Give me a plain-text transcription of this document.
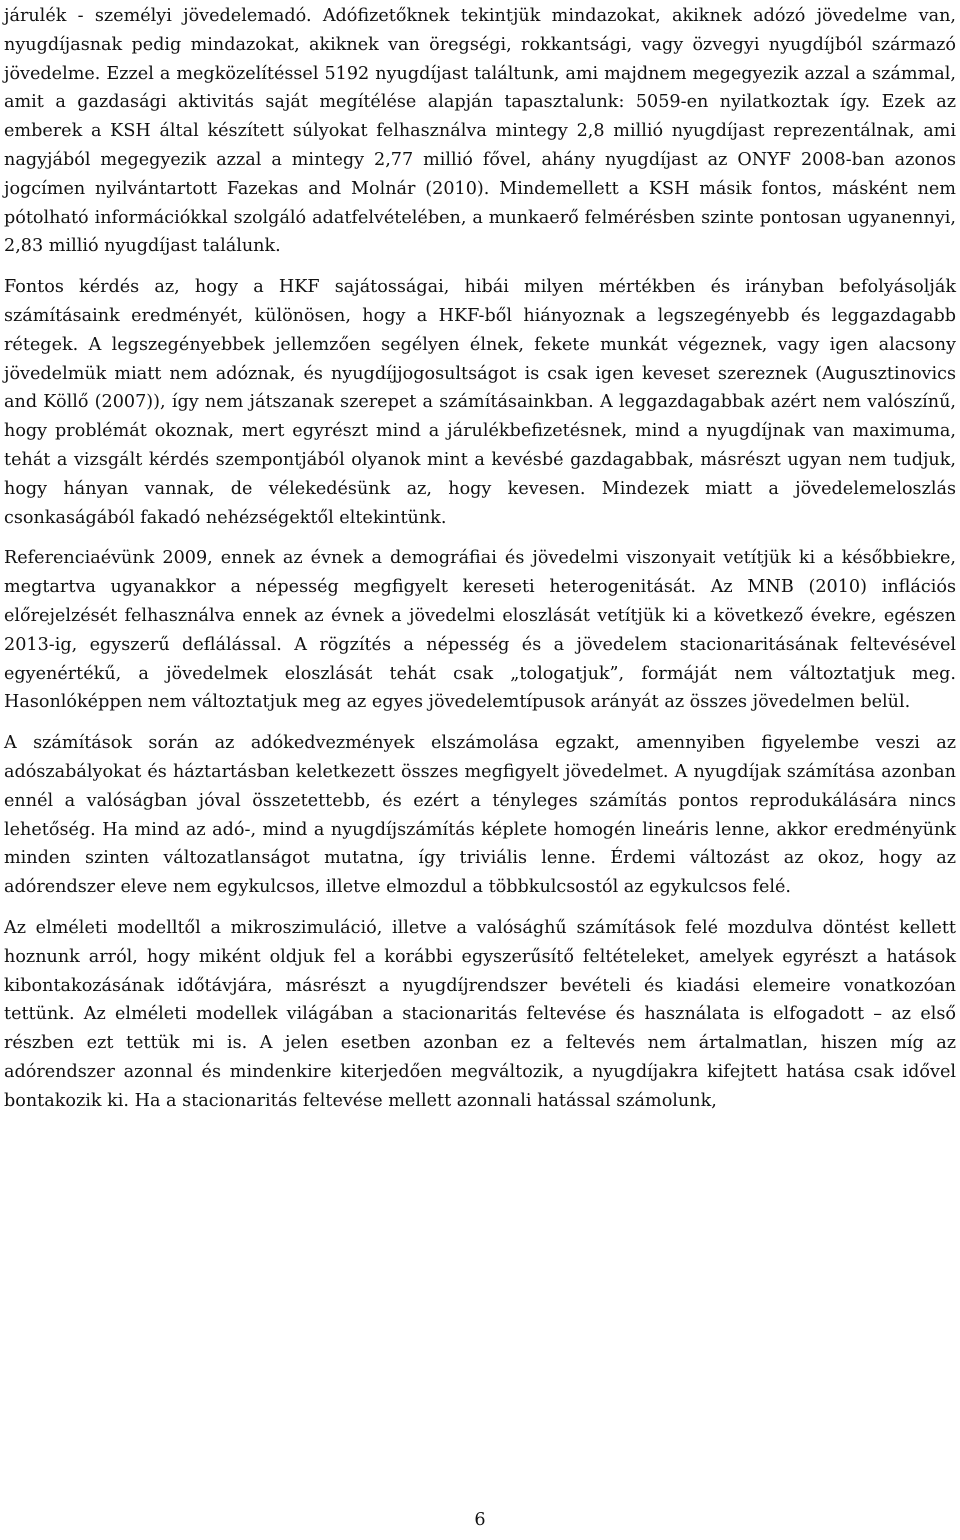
járulék - személyi jövedelemadó. Adófizetőknek tekintjük mindazokat, akiknek adózó jövedelme van, nyugdíjasnak pedig mindazokat, akiknek van öregségi, rokkantsági, vagy özvegyi nyugdíjból származó jövedelme. Ezzel a megközelítéssel 5192 nyugdíjast találtunk, ami majdnem megegyezik azzal a számmal, amit a gazdasági aktivitás saját megítélése alapján tapasztalunk: 5059-en nyilatkoztak így. Ezek az emberek a KSH által készített súlyokat felhasználva mintegy 2,8 millió nyugdíjast reprezentálnak, ami nagyjából megegyezik azzal a mintegy 2,77 millió fővel, ahány nyugdíjast az ONYF 2008-ban azonos jogcímen nyilvántartott Fazekas and Molnár (2010). Mindemellett a KSH másik fontos, másként nem pótolható információkkal szolgáló adatfelvételében, a munkaerő felmérésben szinte pontosan ugyanennyi, 2,83 millió nyugdíjast találunk.

Fontos kérdés az, hogy a HKF sajátosságai, hibái milyen mértékben és irányban befolyásolják számításaink eredményét, különösen, hogy a HKF-ből hiányoznak a legszegényebb és leggazdagabb rétegek. A legszegényebbek jellemzően segélyen élnek, fekete munkát végeznek, vagy igen alacsony jövedelmük miatt nem adóznak, és nyugdíjjogosultságot is csak igen keveset szereznek (Augusztinovics and Köllő (2007)), így nem játszanak szerepet a számításainkban. A leggazdagabbak azért nem valószínű, hogy problémát okoznak, mert egyrészt mind a járulékbefizetésnek, mind a nyugdíjnak van maximuma, tehát a vizsgált kérdés szempontjából olyanok mint a kevésbé gazdagabbak, másrészt ugyan nem tudjuk, hogy hányan vannak, de vélekedésünk az, hogy kevesen. Mindezek miatt a jövedelemeloszlás csonkaságából fakadó nehézségektől eltekintünk.

Referenciaévünk 2009, ennek az évnek a demográfiai és jövedelmi viszonyait vetítjük ki a későbbiekre, megtartva ugyanakkor a népesség megfigyelt kereseti heterogenitását. Az MNB (2010) inflációs előrejelzését felhasználva ennek az évnek a jövedelmi eloszlását vetítjük ki a következő évekre, egészen 2013-ig, egyszerű deflálással. A rögzítés a népesség és a jövedelem stacionaritásának feltevésével egyenértékű, a jövedelmek eloszlását tehát csak „tologatjuk”, formáját nem változtatjuk meg. Hasonlóképpen nem változtatjuk meg az egyes jövedelemtípusok arányát az összes jövedelmen belül.

A számítások során az adókedvezmények elszámolása egzakt, amennyiben figyelembe veszi az adószabályokat és háztartásban keletkezett összes megfigyelt jövedelmet. A nyugdíjak számítása azonban ennél a valóságban jóval összetettebb, és ezért a tényleges számítás pontos reprodukálására nincs lehetőség. Ha mind az adó-, mind a nyugdíjszámítás képlete homogén lineáris lenne, akkor eredményünk minden szinten változatlanságot mutatna, így triviális lenne. Érdemi változást az okoz, hogy az adórendszer eleve nem egykulcsos, illetve elmozdul a többkulcsostól az egykulcsos felé.

Az elméleti modelltől a mikroszimuláció, illetve a valósághű számítások felé mozdulva döntést kellett hoznunk arról, hogy miként oldjuk fel a korábbi egyszerűsítő feltételeket, amelyek egyrészt a hatások kibontakozásának időtávjára, másrészt a nyugdíjrendszer bevételi és kiadási elemeire vonatkozóan tettünk. Az elméleti modellek világában a stacionaritás feltevése és használata is elfogadott – az első részben ezt tettük mi is. A jelen esetben azonban ez a feltevés nem ártalmatlan, hiszen míg az adórendszer azonnal és mindenkire kiterjedően megváltozik, a nyugdíjakra kifejtett hatása csak idővel bontakozik ki. Ha a stacionaritás feltevése mellett azonnali hatással számolunk,

6
